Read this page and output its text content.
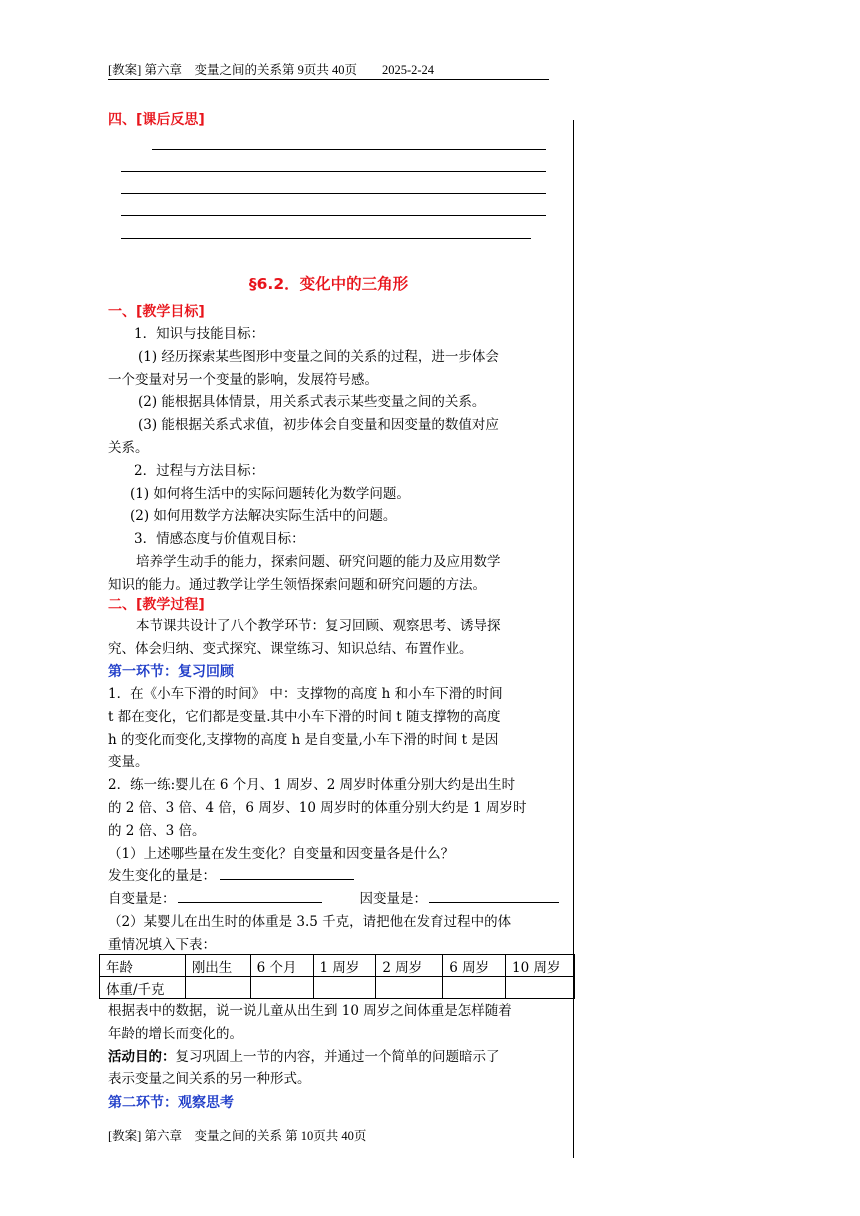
[教案] 第六章　变量之间的关系第 9页共 40页　　2025-2-24
四、[课后反思]
§6.2．变化中的三角形
一、[教学目标]
1．知识与技能目标：
(1) 经历探索某些图形中变量之间的关系的过程，进一步体会
一个变量对另一个变量的影响，发展符号感。
(2) 能根据具体情景，用关系式表示某些变量之间的关系。
(3) 能根据关系式求值，初步体会自变量和因变量的数值对应
关系。
2．过程与方法目标：
(1) 如何将生活中的实际问题转化为数学问题。
(2) 如何用数学方法解决实际生活中的问题。
3．情感态度与价值观目标：
培养学生动手的能力，探索问题、研究问题的能力及应用数学
知识的能力。通过教学让学生领悟探索问题和研究问题的方法。
二、[教学过程]
本节课共设计了八个教学环节：复习回顾、观察思考、诱导探
究、体会归纳、变式探究、课堂练习、知识总结、布置作业。
第一环节：复习回顾
1．在《小车下滑的时间》 中：支撑物的高度 h 和小车下滑的时间
t 都在变化，它们都是变量.其中小车下滑的时间 t 随支撑物的高度
h 的变化而变化,支撑物的高度 h 是自变量,小车下滑的时间 t 是因
变量。
2．练一练:婴儿在 6 个月、1 周岁、2 周岁时体重分别大约是出生时
的 2 倍、3 倍、4 倍，6 周岁、10 周岁时的体重分别大约是 1 周岁时
的 2 倍、3 倍。
（1）上述哪些量在发生变化？自变量和因变量各是什么？
发生变化的量是：
自变量是：	因变量是：
（2）某婴儿在出生时的体重是 3.5 千克，请把他在发育过程中的体
重情况填入下表：
年龄	刚出生	6 个月	1 周岁	2 周岁	6 周岁	10 周岁
体重/千克						
根据表中的数据，说一说儿童从出生到 10 周岁之间体重是怎样随着
年龄的增长而变化的。
活动目的：复习巩固上一节的内容，并通过一个简单的问题暗示了
表示变量之间关系的另一种形式。
第二环节：观察思考
[教案] 第六章　变量之间的关系 第 10页共 40页
